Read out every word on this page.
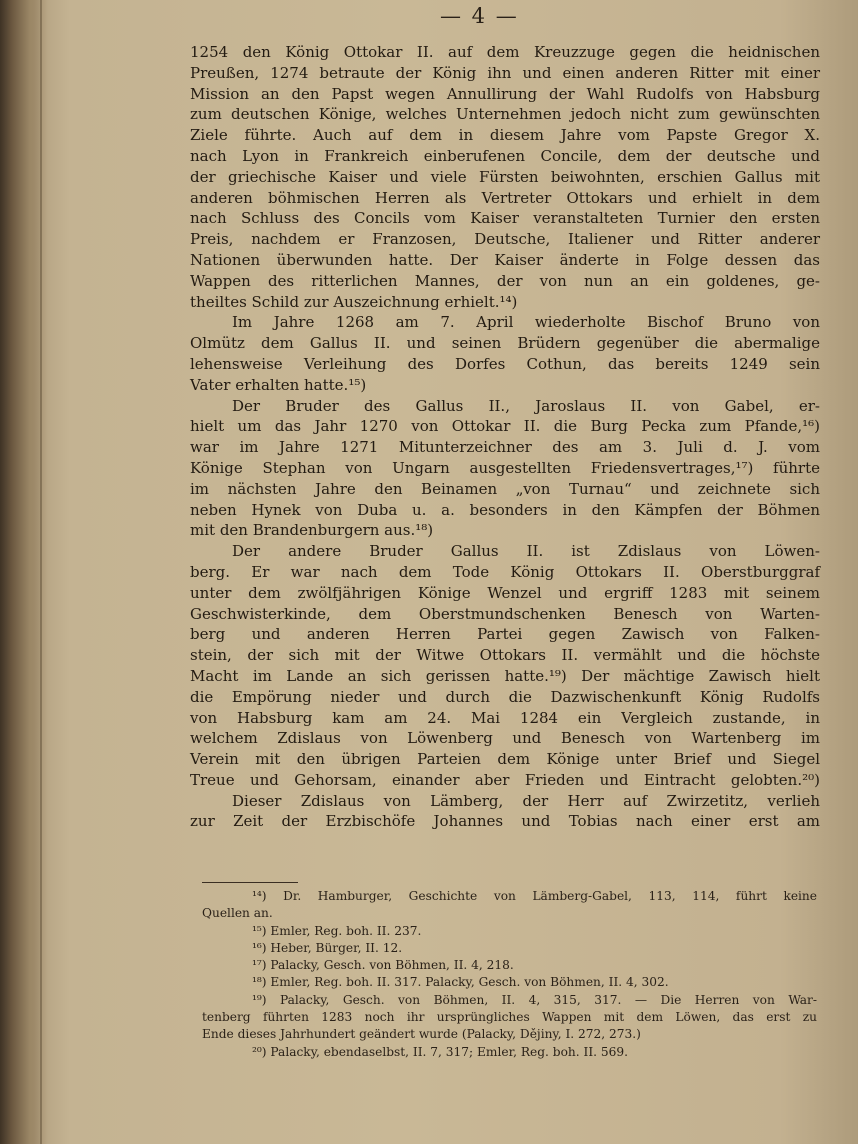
— 4 —
1254 den König Ottokar II. auf dem Kreuzzuge gegen die heidnischen
Preußen, 1274 betraute der König ihn und einen anderen Ritter mit einer
Mission an den Papst wegen Annullirung der Wahl Rudolfs von Habsburg
zum deutschen Könige, welches Unternehmen jedoch nicht zum gewünschten
Ziele führte. Auch auf dem in diesem Jahre vom Papste Gregor X.
nach Lyon in Frankreich einberufenen Concile, dem der deutsche und
der griechische Kaiser und viele Fürsten beiwohnten, erschien Gallus mit
anderen böhmischen Herren als Vertreter Ottokars und erhielt in dem
nach Schluss des Concils vom Kaiser veranstalteten Turnier den ersten
Preis, nachdem er Franzosen, Deutsche, Italiener und Ritter anderer
Nationen überwunden hatte. Der Kaiser änderte in Folge dessen das
Wappen des ritterlichen Mannes, der von nun an ein goldenes, ge-
theiltes Schild zur Auszeichnung erhielt.¹⁴)
Im Jahre 1268 am 7. April wiederholte Bischof Bruno von
Olmütz dem Gallus II. und seinen Brüdern gegenüber die abermalige
lehensweise Verleihung des Dorfes Cothun, das bereits 1249 sein
Vater erhalten hatte.¹⁵)
Der Bruder des Gallus II., Jaroslaus II. von Gabel, er-
hielt um das Jahr 1270 von Ottokar II. die Burg Pecka zum Pfande,¹⁶)
war im Jahre 1271 Mitunterzeichner des am 3. Juli d. J. vom
Könige Stephan von Ungarn ausgestellten Friedensvertrages,¹⁷) führte
im nächsten Jahre den Beinamen „von Turnau“ und zeichnete sich
neben Hynek von Duba u. a. besonders in den Kämpfen der Böhmen
mit den Brandenburgern aus.¹⁸)
Der andere Bruder Gallus II. ist Zdislaus von Löwen-
berg. Er war nach dem Tode König Ottokars II. Oberstburggraf
unter dem zwölfjährigen Könige Wenzel und ergriff 1283 mit seinem
Geschwisterkinde, dem Oberstmundschenken Benesch von Warten-
berg und anderen Herren Partei gegen Zawisch von Falken-
stein, der sich mit der Witwe Ottokars II. vermählt und die höchste
Macht im Lande an sich gerissen hatte.¹⁹) Der mächtige Zawisch hielt
die Empörung nieder und durch die Dazwischenkunft König Rudolfs
von Habsburg kam am 24. Mai 1284 ein Vergleich zustande, in
welchem Zdislaus von Löwenberg und Benesch von Wartenberg im
Verein mit den übrigen Parteien dem Könige unter Brief und Siegel
Treue und Gehorsam, einander aber Frieden und Eintracht gelobten.²⁰)
Dieser Zdislaus von Lämberg, der Herr auf Zwirzetitz, verlieh
zur Zeit der Erzbischöfe Johannes und Tobias nach einer erst am
¹⁴) Dr. Hamburger, Geschichte von Lämberg-Gabel, 113, 114, führt keine
Quellen an.
¹⁵) Emler, Reg. boh. II. 237.
¹⁶) Heber, Bürger, II. 12.
¹⁷) Palacky, Gesch. von Böhmen, II. 4, 218.
¹⁸) Emler, Reg. boh. II. 317. Palacky, Gesch. von Böhmen, II. 4, 302.
¹⁹) Palacky, Gesch. von Böhmen, II. 4, 315, 317. — Die Herren von War-
tenberg führten 1283 noch ihr ursprüngliches Wappen mit dem Löwen, das erst zu
Ende dieses Jahrhundert geändert wurde (Palacky, Dějiny, I. 272, 273.)
²⁰) Palacky, ebendaselbst, II. 7, 317; Emler, Reg. boh. II. 569.
